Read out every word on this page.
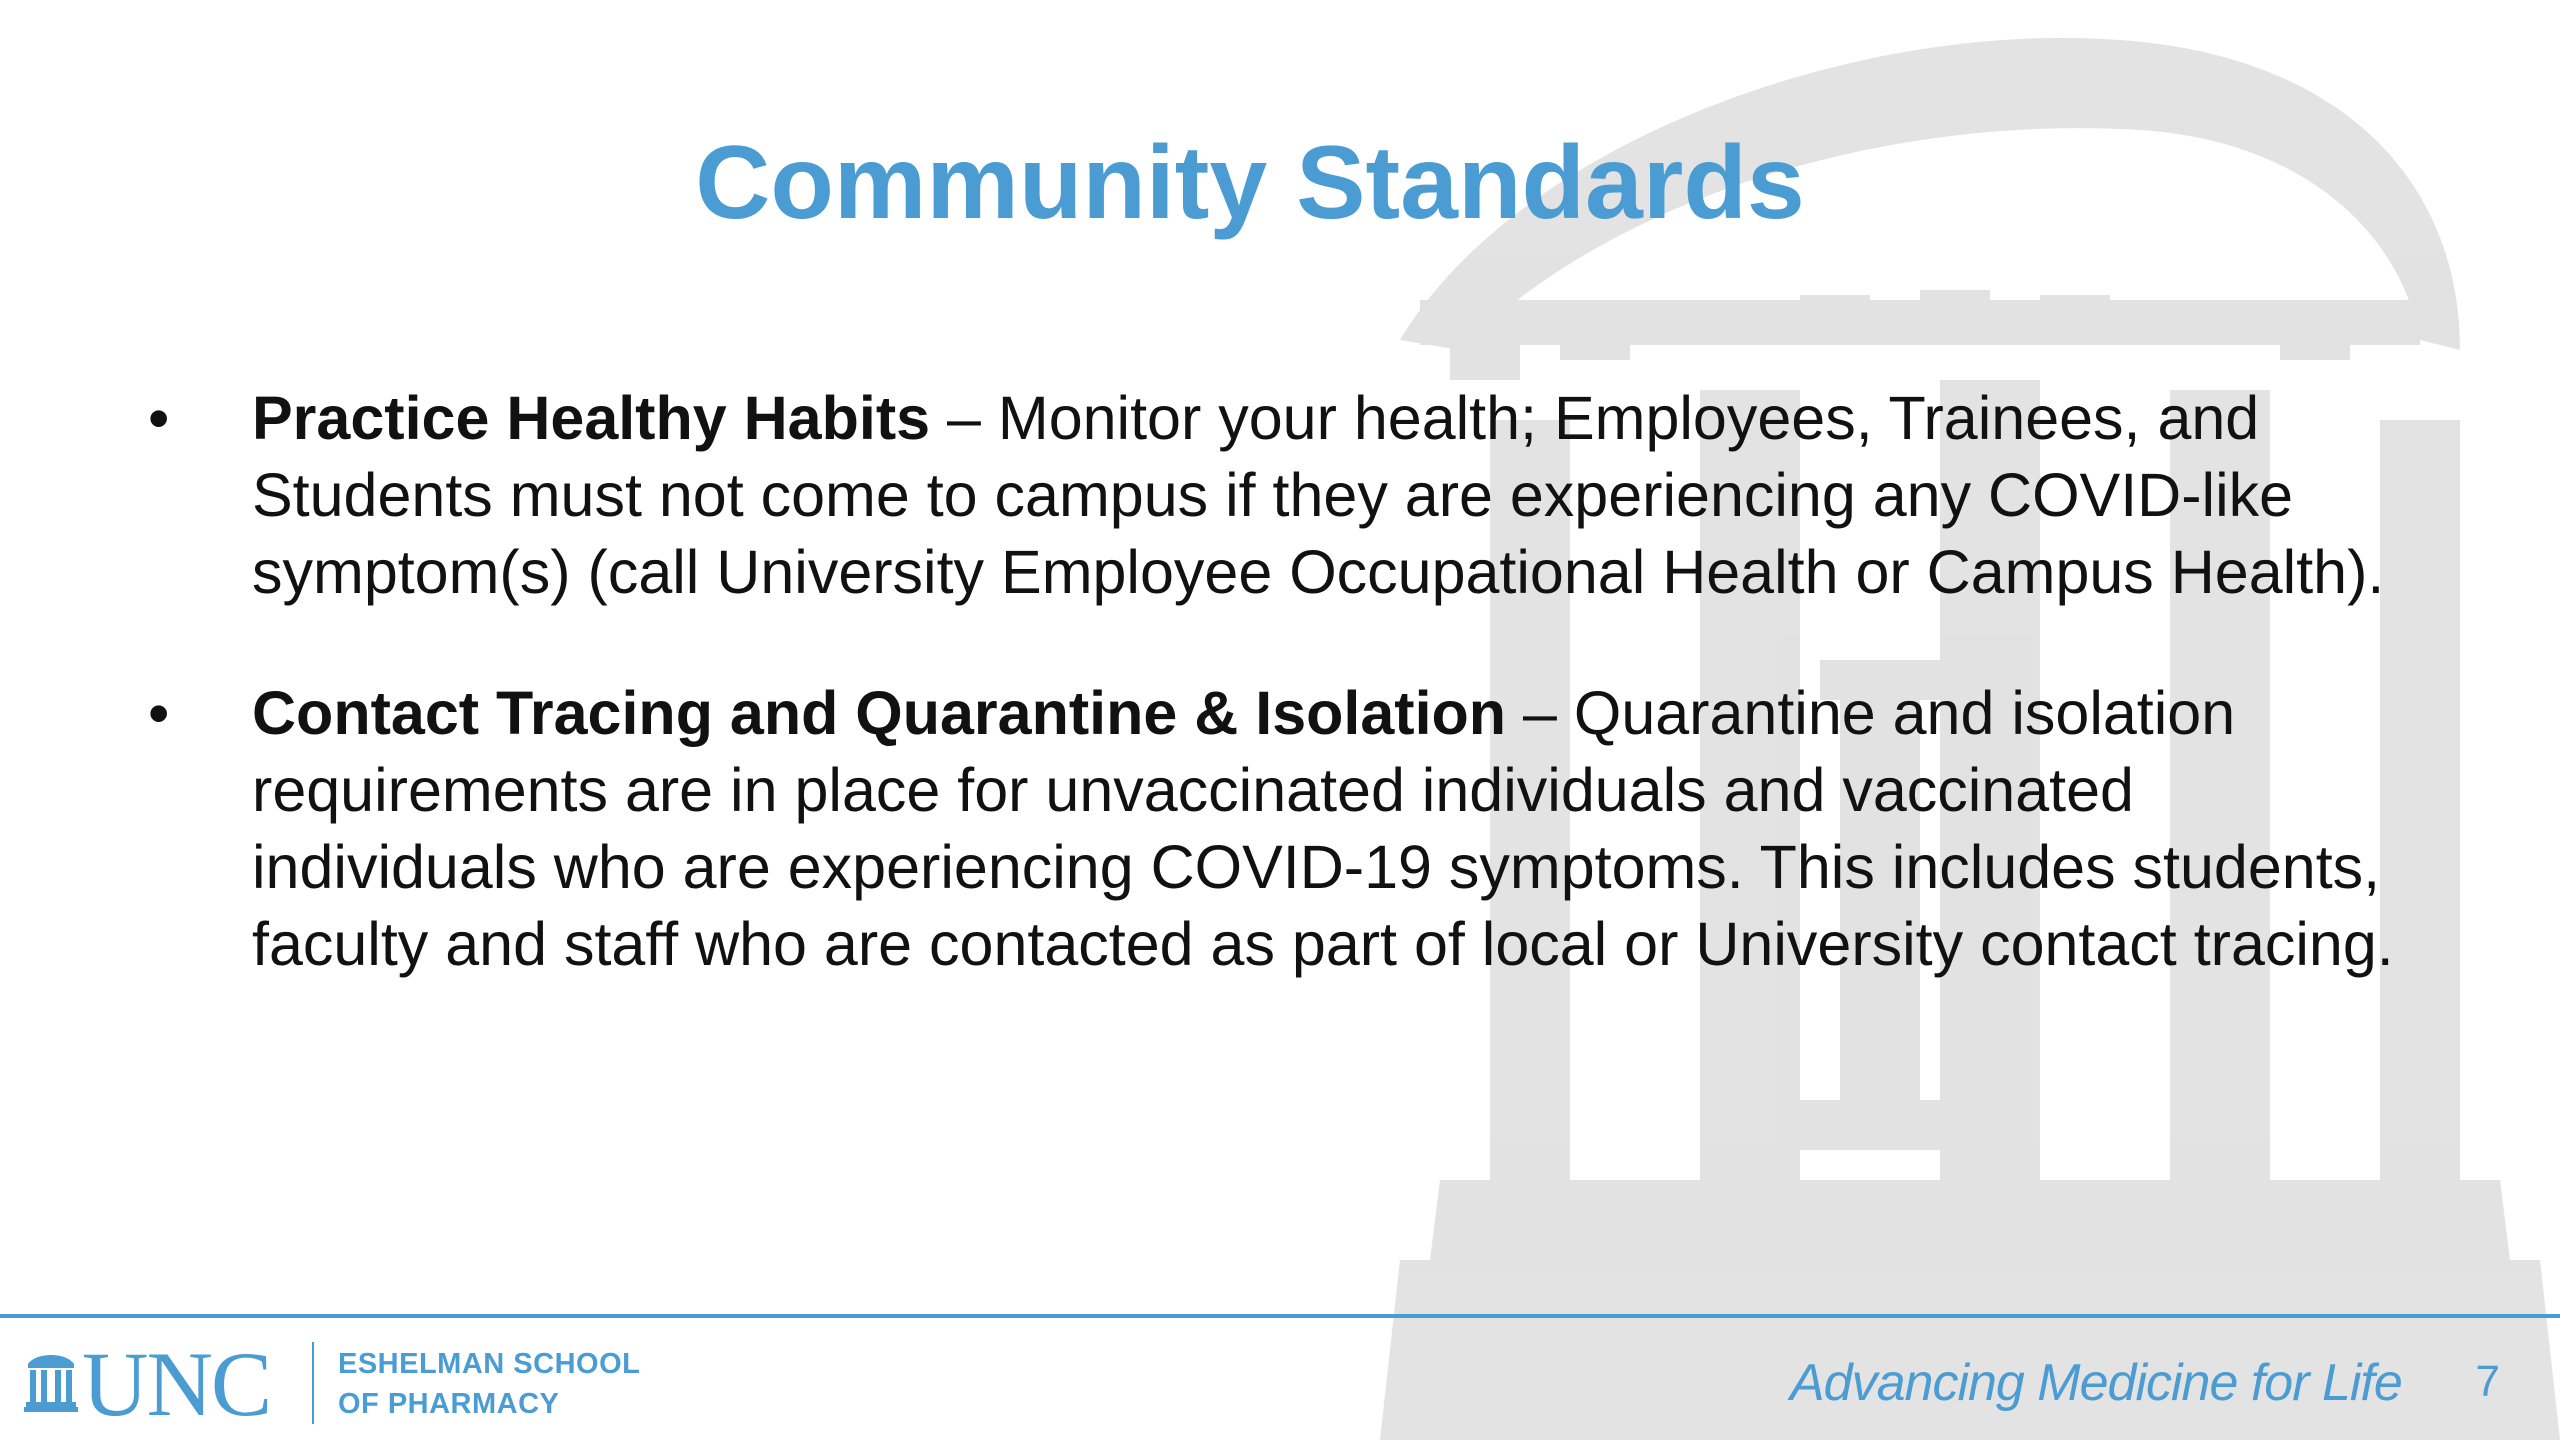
Community Standards
•	Practice Healthy Habits – Monitor your health; Employees, Trainees, and Students must not come to campus if they are experiencing any COVID-like symptom(s) (call University Employee Occupational Health or Campus Health).
•	Contact Tracing and Quarantine & Isolation – Quarantine and isolation requirements are in place for unvaccinated individuals and vaccinated individuals who are experiencing COVID-19 symptoms. This includes students, faculty and staff who are contacted as part of local or University contact tracing.
UNC ESHELMAN SCHOOL
OF PHARMACY	Advancing Medicine for Life	7
